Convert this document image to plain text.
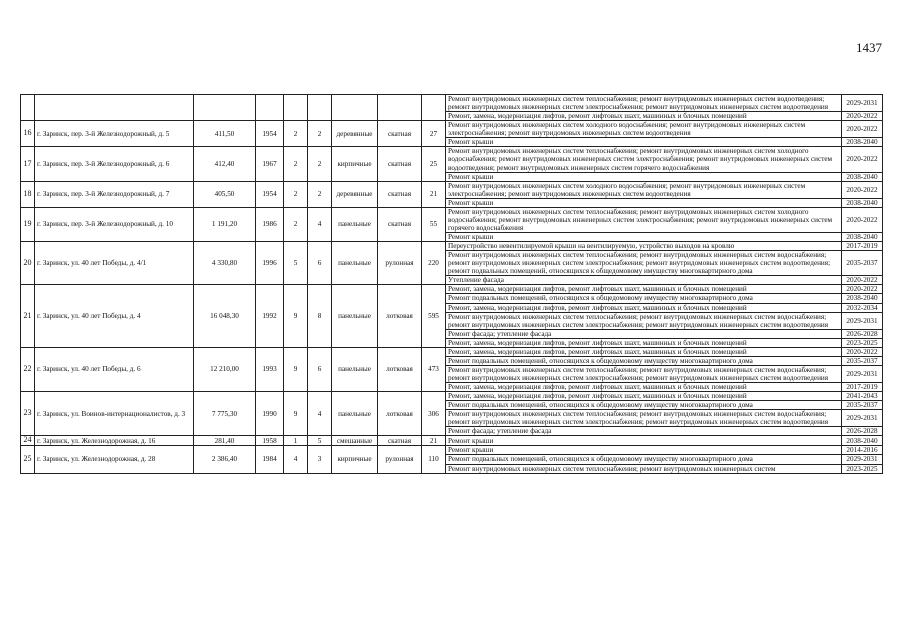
1437
									Ремонт внутридомовых инженерных систем теплоснабжения; ремонт внутридомовых инженерных систем водоотведения; ремонт внутридомовых инженерных систем электроснабжения; ремонт внутридомовых инженерных систем водоотведения	2029-2031
									Ремонт, замена, модернизация лифтов, ремонт лифтовых шахт, машинных и блочных помещений	2020-2022
16	г. Заринск, пер. 3-й Железнодорожный, д. 5	411,50	1954	2	2	деревянные	скатная	27	Ремонт внутридомовых инженерных систем холодного водоснабжения; ремонт внутридомовых инженерных систем электроснабжения; ремонт внутридомовых инженерных систем водоотведения	2020-2022
									Ремонт крыши	2038-2040
17	г. Заринск, пер. 3-й Железнодорожный, д. 6	412,40	1967	2	2	кирпичные	скатная	25	Ремонт внутридомовых инженерных систем теплоснабжения; ремонт внутридомовых инженерных систем холодного водоснабжения; ремонт внутридомовых инженерных систем электроснабжения; ремонт внутридомовых инженерных систем водоотведения; ремонт внутридомовых инженерных систем горячего водоснабжения	2020-2022
									Ремонт крыши	2038-2040
18	г. Заринск, пер. 3-й Железнодорожный, д. 7	405,50	1954	2	2	деревянные	скатная	21	Ремонт внутридомовых инженерных систем холодного водоснабжения; ремонт внутридомовых инженерных систем электроснабжения; ремонт внутридомовых инженерных систем водоотведения	2020-2022
									Ремонт крыши	2038-2040
19	г. Заринск, пер. 3-й Железнодорожный, д. 10	1 191,20	1986	2	4	панельные	скатная	55	Ремонт внутридомовых инженерных систем теплоснабжения; ремонт внутридомовых инженерных систем холодного водоснабжения; ремонт внутридомовых инженерных систем электроснабжения; ремонт внутридомовых инженерных систем горячего водоснабжения	2020-2022
									Ремонт крыши	2038-2040
20	г. Заринск, ул. 40 лет Победы, д. 4/1	4 330,80	1996	5	6	панельные	рулонная	220	Переустройство невентилируемой крыши на вентилируемую, устройство выходов на кровлю	2017-2019
									Ремонт внутридомовых инженерных систем теплоснабжения; ремонт внутридомовых инженерных систем водоснабжения; ремонт внутридомовых инженерных систем электроснабжения; ремонт внутридомовых инженерных систем водоотведения; ремонт подвальных помещений, относящихся к общедомовому имуществу многоквартирного дома	2035-2037
									Утепление фасада	2020-2022
21	г. Заринск, ул. 40 лет Победы, д. 4	16 048,30	1992	9	8	панельные	лотковая	595	Ремонт, замена, модернизация лифтов, ремонт лифтовых шахт, машинных и блочных помещений	2020-2022
									Ремонт подвальных помещений, относящихся к общедомовому имуществу многоквартирного дома	2038-2040
									Ремонт, замена, модернизация лифтов, ремонт лифтовых шахт, машинных и блочных помещений	2032-2034
									Ремонт внутридомовых инженерных систем теплоснабжения; ремонт внутридомовых инженерных систем водоснабжения; ремонт внутридомовых инженерных систем электроснабжения; ремонт внутридомовых инженерных систем водоотведения	2029-2031
									Ремонт фасада; утепление фасада	2026-2028
									Ремонт, замена, модернизация лифтов, ремонт лифтовых шахт, машинных и блочных помещений	2023-2025
22	г. Заринск, ул. 40 лет Победы, д. 6	12 210,00	1993	9	6	панельные	лотковая	473	Ремонт, замена, модернизация лифтов, ремонт лифтовых шахт, машинных и блочных помещений	2020-2022
									Ремонт подвальных помещений, относящихся к общедомовому имуществу многоквартирного дома	2035-2037
									Ремонт внутридомовых инженерных систем теплоснабжения; ремонт внутридомовых инженерных систем водоснабжения; ремонт внутридомовых инженерных систем электроснабжения; ремонт внутридомовых инженерных систем водоотведения	2029-2031
									Ремонт, замена, модернизация лифтов, ремонт лифтовых шахт, машинных и блочных помещений	2017-2019
23	г. Заринск, ул. Воинов-интернационалистов, д. 3	7 775,30	1990	9	4	панельные	лотковая	306	Ремонт, замена, модернизация лифтов, ремонт лифтовых шахт, машинных и блочных помещений	2041-2043
									Ремонт подвальных помещений, относящихся к общедомовому имуществу многоквартирного дома	2035-2037
									Ремонт внутридомовых инженерных систем теплоснабжения; ремонт внутридомовых инженерных систем водоснабжения; ремонт внутридомовых инженерных систем электроснабжения; ремонт внутридомовых инженерных систем водоотведения	2029-2031
									Ремонт фасада; утепление фасада	2026-2028
24	г. Заринск, ул. Железнодорожная, д. 16	281,40	1958	1	5	смешанные	скатная	21	Ремонт крыши	2038-2040
25	г. Заринск, ул. Железнодорожная, д. 28	2 386,40	1984	4	3	кирпичные	рулонная	110	Ремонт крыши	2014-2016
									Ремонт подвальных помещений, относящихся к общедомовому имуществу многоквартирного дома	2029-2031
									Ремонт внутридомовых инженерных систем теплоснабжения; ремонт внутридомовых инженерных систем	2023-2025
